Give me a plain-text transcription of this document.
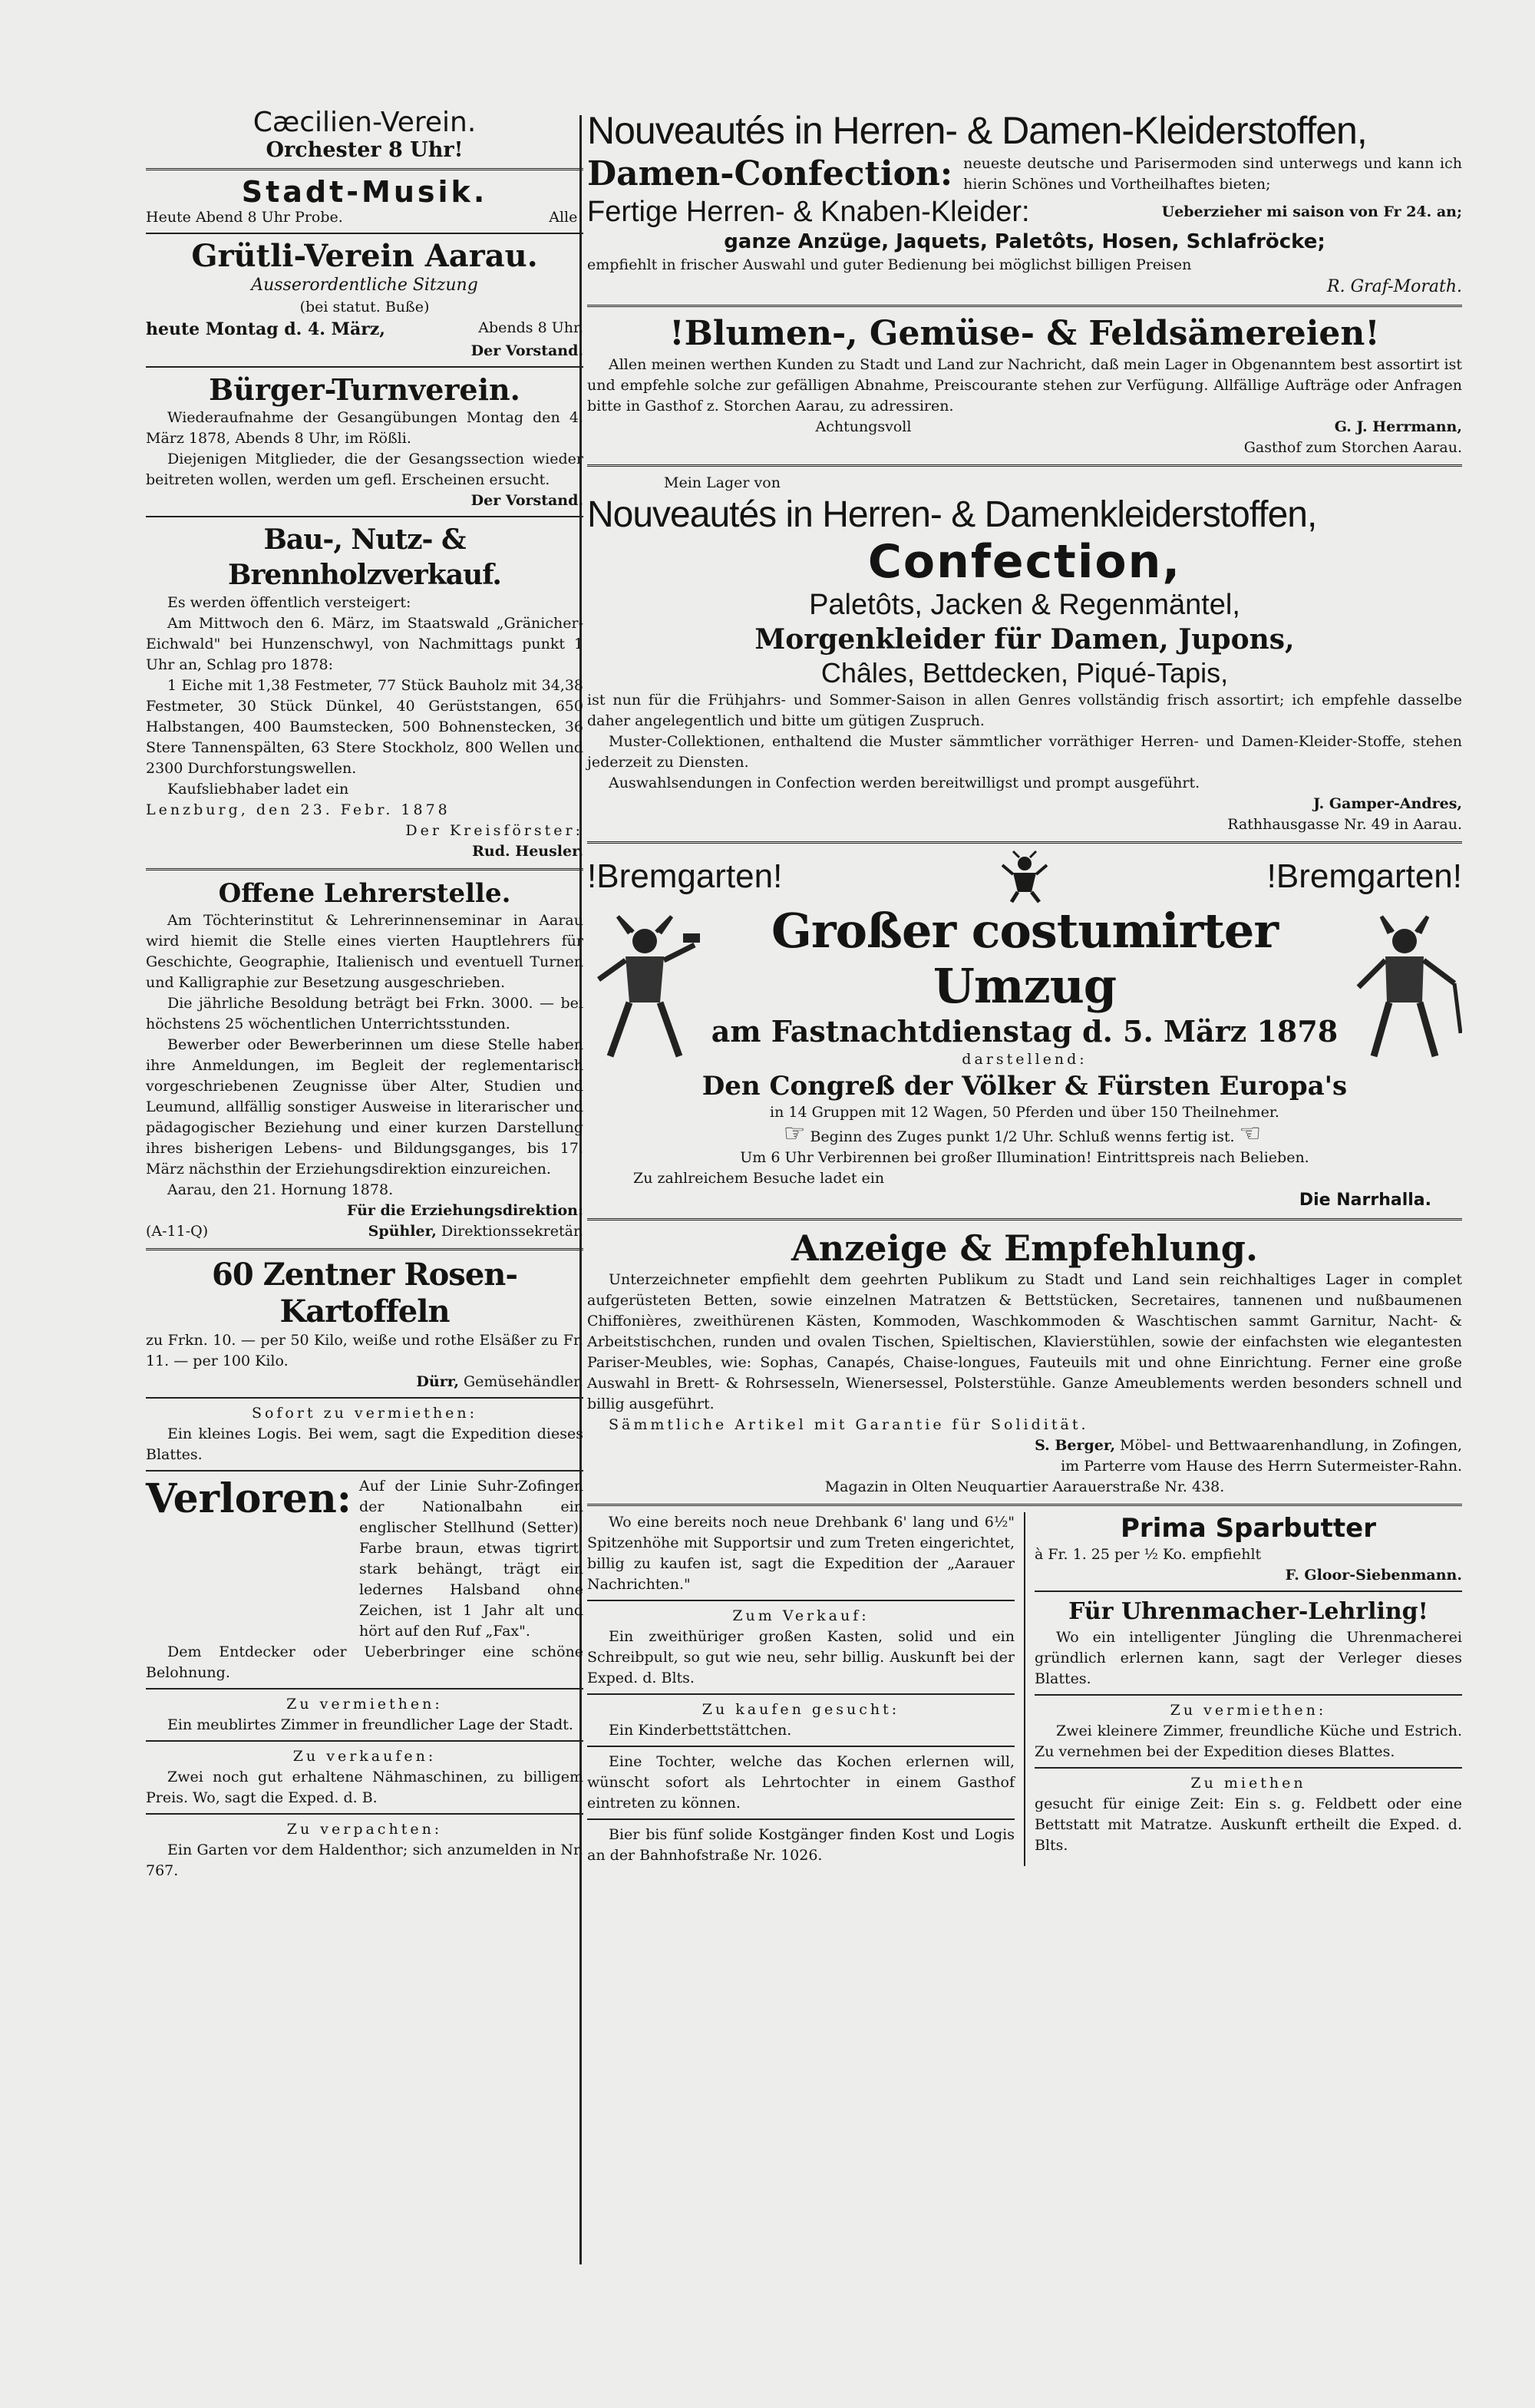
Cæcilien-Verein.
Orchester 8 Uhr!
Stadt-Musik.
Heute Abend 8 Uhr Probe.	Alle!
Grütli-Verein Aarau.
Ausserordentliche Sitzung
(bei statut. Buße)
heute Montag d. 4. März,	Abends 8 Uhr.
Der Vorstand.
Bürger-Turnverein.

Wiederaufnahme der Gesangübungen Montag den 4. März 1878, Abends 8 Uhr, im Rößli.

Diejenigen Mitglieder, die der Gesangssection wieder beitreten wollen, werden um gefl. Erscheinen ersucht.

Der Vorstand.
Bau-, Nutz- & Brennholzverkauf.

Es werden öffentlich versteigert:

Am Mittwoch den 6. März, im Staatswald „Gränicher-Eichwald" bei Hunzenschwyl, von Nachmittags punkt 1 Uhr an, Schlag pro 1878:

1 Eiche mit 1,38 Festmeter, 77 Stück Bauholz mit 34,38 Festmeter, 30 Stück Dünkel, 40 Gerüststangen, 650 Halbstangen, 400 Baumstecken, 500 Bohnenstecken, 36 Stere Tannenspälten, 63 Stere Stockholz, 800 Wellen und 2300 Durchforstungswellen.

Kaufsliebhaber ladet ein

Lenzburg, den 23. Febr. 1878

Der Kreisförster:
Rud. Heusler.
Offene Lehrerstelle.

Am Töchterinstitut & Lehrerinnenseminar in Aarau wird hiemit die Stelle eines vierten Hauptlehrers für Geschichte, Geographie, Italienisch und eventuell Turnen und Kalligraphie zur Besetzung ausgeschrieben.

Die jährliche Besoldung beträgt bei Frkn. 3000. — bei höchstens 25 wöchentlichen Unterrichtsstunden.

Bewerber oder Bewerberinnen um diese Stelle haben ihre Anmeldungen, im Begleit der reglementarisch vorgeschriebenen Zeugnisse über Alter, Studien und Leumund, allfällig sonstiger Ausweise in literarischer und pädagogischer Beziehung und einer kurzen Darstellung ihres bisherigen Lebens- und Bildungsganges, bis 17. März nächsthin der Erziehungsdirektion einzureichen.

Aarau, den 21. Hornung 1878.

Für die Erziehungsdirektion:
(A-11-Q)	Spühler, Direktionssekretär.
60 Zentner Rosen-Kartoffeln

zu Frkn. 10. — per 50 Kilo, weiße und rothe Elsäßer zu Fr. 11. — per 100 Kilo.

Dürr, Gemüsehändler.
Sofort zu vermiethen:

Ein kleines Logis. Bei wem, sagt die Expedition dieses Blattes.

Verloren: Auf der Linie Suhr-Zofingen der Nationalbahn ein englischer Stellhund (Setter), Farbe braun, etwas tigrirt, stark behängt, trägt ein ledernes Halsband ohne Zeichen, ist 1 Jahr alt und hört auf den Ruf „Fax".

Dem Entdecker oder Ueberbringer eine schöne Belohnung.

Zu vermiethen:

Ein meublirtes Zimmer in freundlicher Lage der Stadt.

Zu verkaufen:

Zwei noch gut erhaltene Nähmaschinen, zu billigem Preis. Wo, sagt die Exped. d. B.

Zu verpachten:

Ein Garten vor dem Haldenthor; sich anzumelden in Nr. 767.

Nouveautés in Herren- & Damen-Kleiderstoffen,
Damen-Confection: neueste deutsche und Parisermoden sind unterwegs und kann ich hierin Schönes und Vortheilhaftes bieten;
Fertige Herren- & Knaben-Kleider:	Ueberzieher mi saison von Fr 24. an;
ganze Anzüge, Jaquets, Paletôts, Hosen, Schlafröcke;
empfiehlt in frischer Auswahl und guter Bedienung bei möglichst billigen Preisen
R. Graf-Morath.
!Blumen-, Gemüse- & Feldsämereien!

Allen meinen werthen Kunden zu Stadt und Land zur Nachricht, daß mein Lager in Obgenanntem best assortirt ist und empfehle solche zur gefälligen Abnahme, Preiscourante stehen zur Verfügung. Allfällige Aufträge oder Anfragen bitte in Gasthof z. Storchen Aarau, zu adressiren.

Achtungsvoll	G. J. Herrmann,
Gasthof zum Storchen Aarau.
Mein Lager von
Nouveautés in Herren- & Damenkleiderstoffen,
Confection,
Paletôts, Jacken & Regenmäntel,
Morgenkleider für Damen, Jupons,
Châles, Bettdecken, Piqué-Tapis,

ist nun für die Frühjahrs- und Sommer-Saison in allen Genres vollständig frisch assortirt; ich empfehle dasselbe daher angelegentlich und bitte um gütigen Zuspruch.

Muster-Collektionen, enthaltend die Muster sämmtlicher vorräthiger Herren- und Damen-Kleider-Stoffe, stehen jederzeit zu Diensten.

Auswahlsendungen in Confection werden bereitwilligst und prompt ausgeführt.

J. Gamper-Andres,
Rathhausgasse Nr. 49 in Aarau.
!Bremgarten!	!Bremgarten!
Großer costumirter Umzug
am Fastnachtdienstag d. 5. März 1878
darstellend:
Den Congreß der Völker & Fürsten Europa's
in 14 Gruppen mit 12 Wagen, 50 Pferden und über 150 Theilnehmer.
☞ Beginn des Zuges punkt 1/2 Uhr. Schluß wenns fertig ist. ☜
Um 6 Uhr Verbirennen bei großer Illumination! Eintrittspreis nach Belieben.
Zu zahlreichem Besuche ladet ein
Die Narrhalla.
Anzeige & Empfehlung.

Unterzeichneter empfiehlt dem geehrten Publikum zu Stadt und Land sein reichhaltiges Lager in complet aufgerüsteten Betten, sowie einzelnen Matratzen & Bettstücken, Secretaires, tannenen und nußbaumenen Chiffonières, zweithürenen Kästen, Kommoden, Waschkommoden & Waschtischen sammt Garnitur, Nacht- & Arbeitstischchen, runden und ovalen Tischen, Spieltischen, Klavierstühlen, sowie der einfachsten wie elegantesten Pariser-Meubles, wie: Sophas, Canapés, Chaise-longues, Fauteuils mit und ohne Einrichtung. Ferner eine große Auswahl in Brett- & Rohrsesseln, Wienersessel, Polsterstühle. Ganze Ameublements werden besonders schnell und billig ausgeführt.

Sämmtliche Artikel mit Garantie für Solidität.

S. Berger, Möbel- und Bettwaarenhandlung, in Zofingen,
im Parterre vom Hause des Herrn Sutermeister-Rahn.
Magazin in Olten Neuquartier Aarauerstraße Nr. 438.

Wo eine bereits noch neue Drehbank 6' lang und 6½" Spitzenhöhe mit Supportsir und zum Treten eingerichtet, billig zu kaufen ist, sagt die Expedition der „Aarauer Nachrichten."

Zum Verkauf:

Ein zweithüriger großen Kasten, solid und ein Schreibpult, so gut wie neu, sehr billig. Auskunft bei der Exped. d. Blts.

Zu kaufen gesucht:

Ein Kinderbettstättchen.

Eine Tochter, welche das Kochen erlernen will, wünscht sofort als Lehrtochter in einem Gasthof eintreten zu können.

Bier bis fünf solide Kostgänger finden Kost und Logis an der Bahnhofstraße Nr. 1026.

Prima Sparbutter
à Fr. 1. 25 per ½ Ko. empfiehlt
F. Gloor-Siebenmann.
Für Uhrenmacher-Lehrling!

Wo ein intelligenter Jüngling die Uhrenmacherei gründlich erlernen kann, sagt der Verleger dieses Blattes.

Zu vermiethen:

Zwei kleinere Zimmer, freundliche Küche und Estrich. Zu vernehmen bei der Expedition dieses Blattes.

Zu miethen

gesucht für einige Zeit: Ein s. g. Feldbett oder eine Bettstatt mit Matratze. Auskunft ertheilt die Exped. d. Blts.
